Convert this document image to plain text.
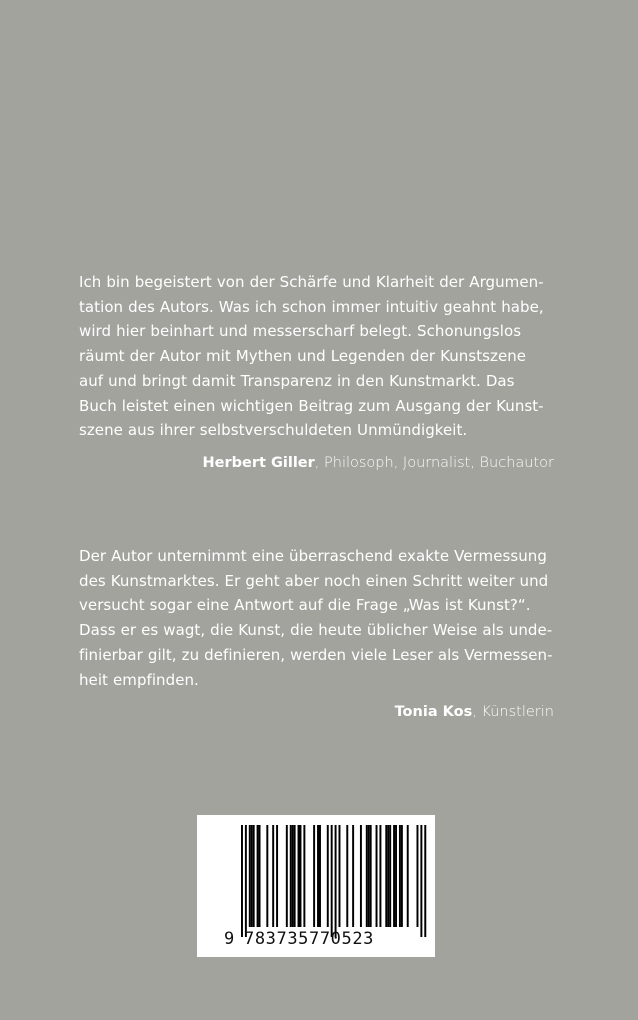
Ich bin begeistert von der Schärfe und Klarheit der Argumen-
tation des Autors. Was ich schon immer intuitiv geahnt habe,
wird hier beinhart und messerscharf belegt. Schonungslos
räumt der Autor mit Mythen und Legenden der Kunstszene
auf und bringt damit Transparenz in den Kunstmarkt. Das
Buch leistet einen wichtigen Beitrag zum Ausgang der Kunst-
szene aus ihrer selbstverschuldeten Unmündigkeit.

Herbert Giller, Philosoph, Journalist, Buchautor

Der Autor unternimmt eine überraschend exakte Vermessung
des Kunstmarktes. Er geht aber noch einen Schritt weiter und
versucht sogar eine Antwort auf die Frage „Was ist Kunst?“.
Dass er es wagt, die Kunst, die heute üblicher Weise als unde-
finierbar gilt, zu definieren, werden viele Leser als Vermessen-
heit empfinden.

Tonia Kos, Künstlerin
9 783735770523
